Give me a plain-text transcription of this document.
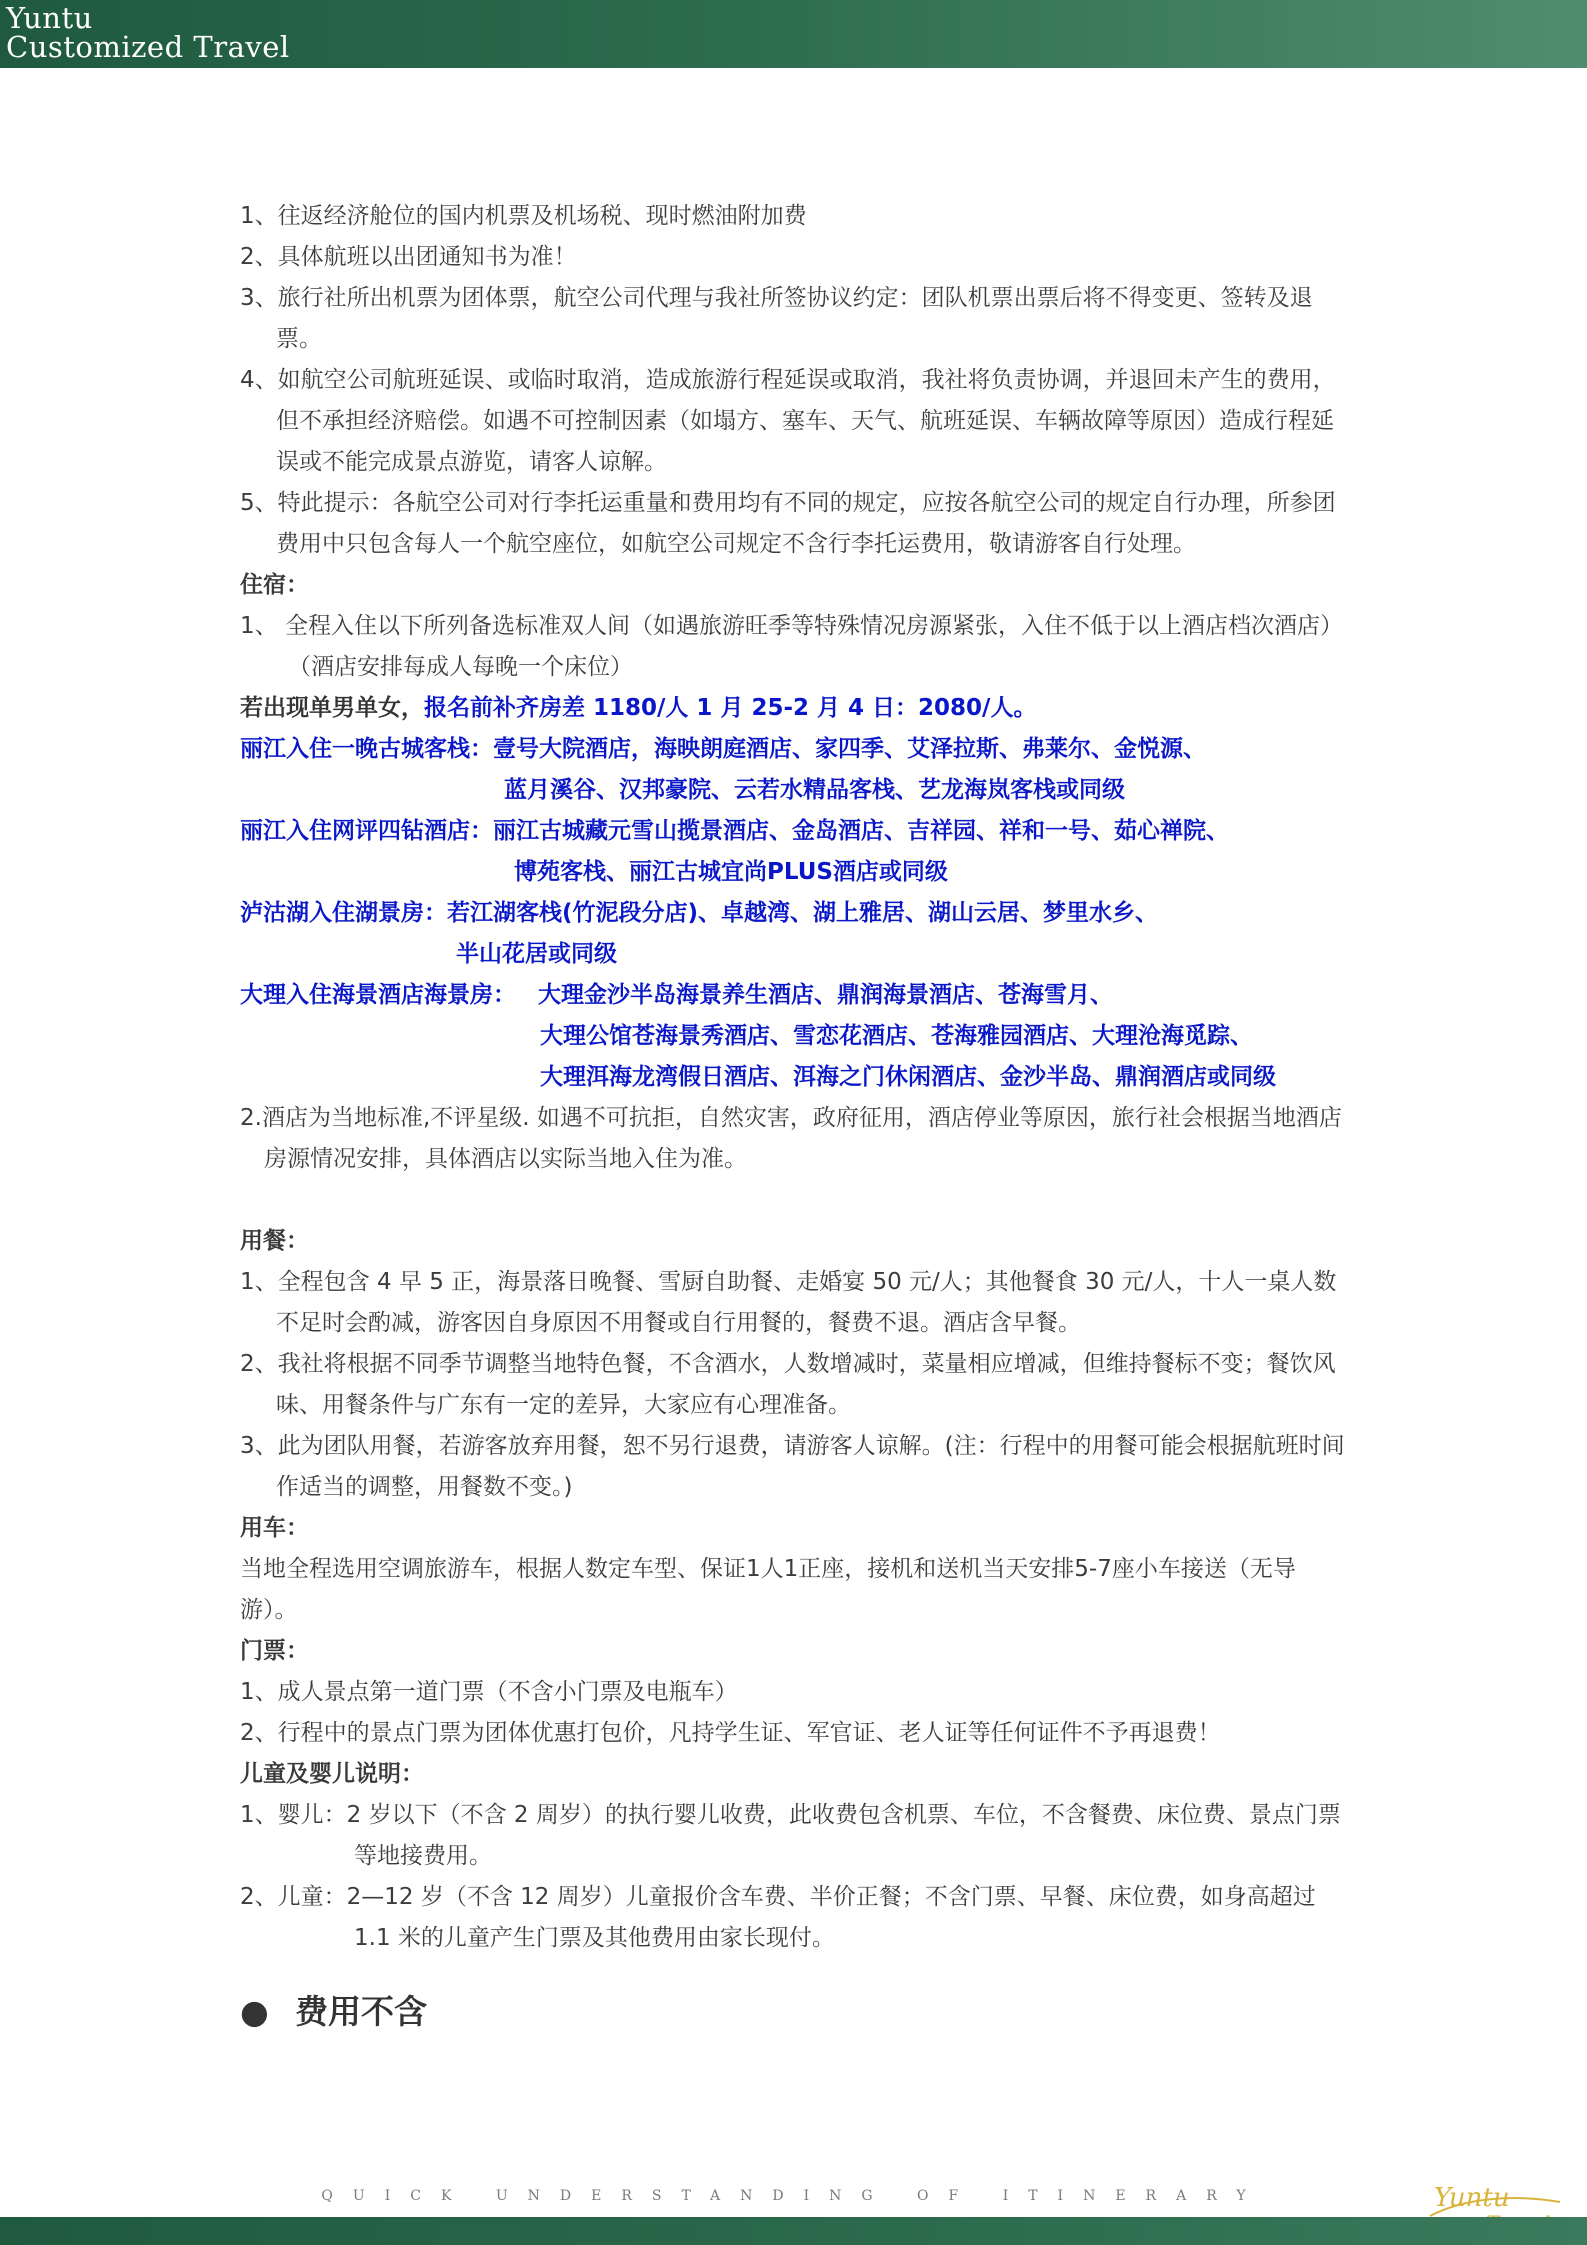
Yuntu
Customized Travel

1、往返经济舱位的国内机票及机场税、现时燃油附加费

2、具体航班以出团通知书为准！

3、旅行社所出机票为团体票，航空公司代理与我社所签协议约定：团队机票出票后将不得变更、签转及退票。

4、如航空公司航班延误、或临时取消，造成旅游行程延误或取消，我社将负责协调，并退回未产生的费用，但不承担经济赔偿。如遇不可控制因素（如塌方、塞车、天气、航班延误、车辆故障等原因）造成行程延误或不能完成景点游览，请客人谅解。

5、特此提示：各航空公司对行李托运重量和费用均有不同的规定，应按各航空公司的规定自行办理，所参团费用中只包含每人一个航空座位，如航空公司规定不含行李托运费用，敬请游客自行处理。

住宿：

1、 全程入住以下所列备选标准双人间（如遇旅游旺季等特殊情况房源紧张，入住不低于以上酒店档次酒店）（酒店安排每成人每晚一个床位）

若出现单男单女，报名前补齐房差 1180/人 1 月 25-2 月 4 日：2080/人。

丽江入住一晚古城客栈：壹号大院酒店，海映朗庭酒店、家四季、艾泽拉斯、弗莱尔、金悦源、

蓝月溪谷、汉邦豪院、云若水精品客栈、艺龙海岚客栈或同级

丽江入住网评四钻酒店：丽江古城藏元雪山揽景酒店、金岛酒店、吉祥园、祥和一号、茹心禅院、

博苑客栈、丽江古城宜尚PLUS酒店或同级

泸沽湖入住湖景房：若江湖客栈(竹泥段分店)、卓越湾、湖上雅居、湖山云居、梦里水乡、

半山花居或同级

大理入住海景酒店海景房： 大理金沙半岛海景养生酒店、鼎润海景酒店、苍海雪月、

大理公馆苍海景秀酒店、雪恋花酒店、苍海雅园酒店、大理沧海觅踪、

大理洱海龙湾假日酒店、洱海之门休闲酒店、金沙半岛、鼎润酒店或同级

2.酒店为当地标准,不评星级. 如遇不可抗拒，自然灾害，政府征用，酒店停业等原因，旅行社会根据当地酒店房源情况安排，具体酒店以实际当地入住为准。

用餐：

1、全程包含 4 早 5 正，海景落日晚餐、雪厨自助餐、走婚宴 50 元/人；其他餐食 30 元/人，十人一桌人数不足时会酌减，游客因自身原因不用餐或自行用餐的，餐费不退。酒店含早餐。

2、我社将根据不同季节调整当地特色餐，不含酒水，人数增减时，菜量相应增减，但维持餐标不变；餐饮风味、用餐条件与广东有一定的差异，大家应有心理准备。

3、此为团队用餐，若游客放弃用餐，恕不另行退费，请游客人谅解。(注：行程中的用餐可能会根据航班时间作适当的调整，用餐数不变。)

用车：

当地全程选用空调旅游车，根据人数定车型、保证1人1正座，接机和送机当天安排5-7座小车接送（无导游）。

门票：

1、成人景点第一道门票（不含小门票及电瓶车）

2、行程中的景点门票为团体优惠打包价，凡持学生证、军官证、老人证等任何证件不予再退费！

儿童及婴儿说明：

1、婴儿：2 岁以下（不含 2 周岁）的执行婴儿收费，此收费包含机票、车位，不含餐费、床位费、景点门票等地接费用。

2、儿童：2—12 岁（不含 12 周岁）儿童报价含车费、半价正餐；不含门票、早餐、床位费，如身高超过 1.1 米的儿童产生门票及其他费用由家长现付。

● 费用不含
QUICK UNDERSTANDING OF ITINERARY	Yuntu
